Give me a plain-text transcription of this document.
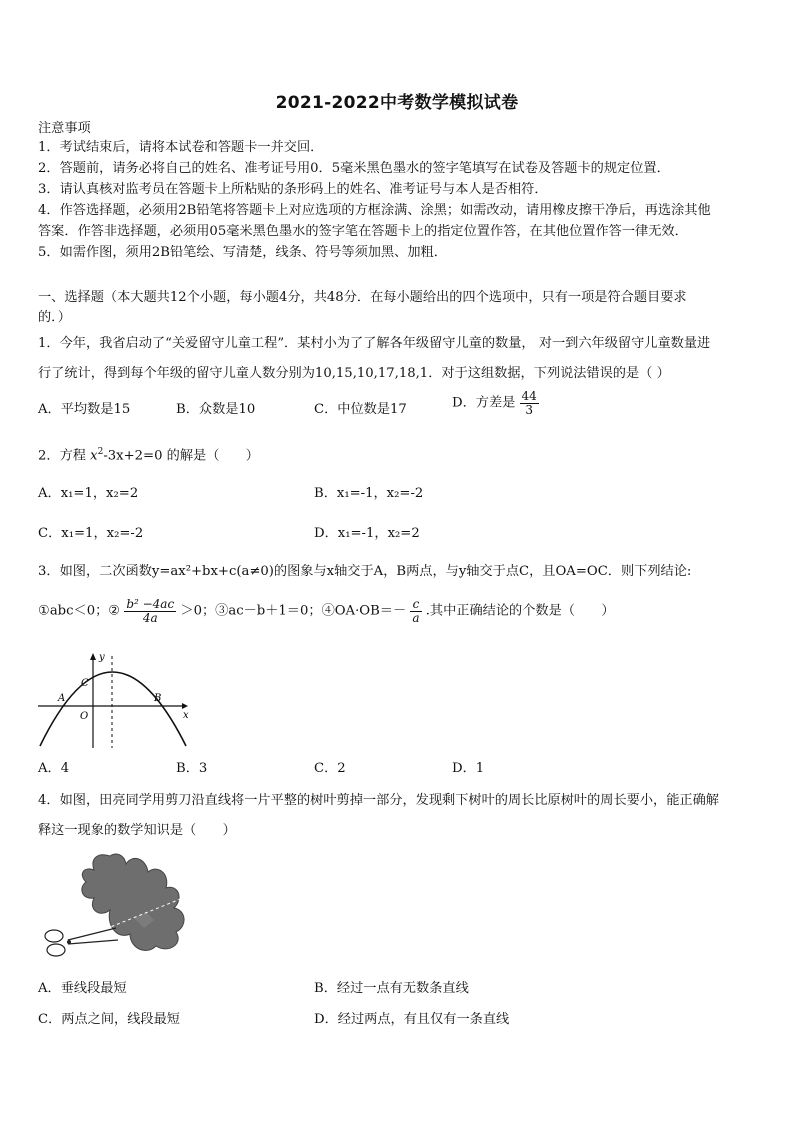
2021-2022中考数学模拟试卷
注意事项
1．考试结束后，请将本试卷和答题卡一并交回．
2．答题前，请务必将自己的姓名、准考证号用0．5毫米黑色墨水的签字笔填写在试卷及答题卡的规定位置．
3．请认真核对监考员在答题卡上所粘贴的条形码上的姓名、准考证号与本人是否相符．
4．作答选择题，必须用2B铅笔将答题卡上对应选项的方框涂满、涂黑；如需改动，请用橡皮擦干净后，再选涂其他
答案．作答非选择题，必须用05毫米黑色墨水的签字笔在答题卡上的指定位置作答，在其他位置作答一律无效．
5．如需作图，须用2B铅笔绘、写清楚，线条、符号等须加黑、加粗．
一、选择题（本大题共12个小题，每小题4分，共48分．在每小题给出的四个选项中，只有一项是符合题目要求
的．）
1．今年，我省启动了“关爱留守儿童工程”．某村小为了了解各年级留守儿童的数量， 对一到六年级留守儿童数量进
行了统计，得到每个年级的留守儿童人数分别为10,15,10,17,18,1．对于这组数据，下列说法错误的是（ ）
A．平均数是15	B．众数是10	C．中位数是17	D．方差是 $\frac{44}{3}$
2．方程 $x^2-3x+2=0$ 的解是（　　）
A．x₁=1，x₂=2	B．x₁=-1，x₂=-2
C．x₁=1，x₂=-2	D．x₁=-1，x₂=2
3．如图，二次函数y=ax²+bx+c(a≠0)的图象与x轴交于A，B两点，与y轴交于点C，且OA=OC．则下列结论:
①abc＜0；② $\frac{\text{b² −4ac}}{4a} >0$；③ac－b＋1＝0；④OA·OB＝－ $\frac{c}{a}$ .其中正确结论的个数是（　　）
y
x
C
A	B
O
A．4	B．3	C．2	D．1
4．如图，田亮同学用剪刀沿直线将一片平整的树叶剪掉一部分，发现剩下树叶的周长比原树叶的周长要小，能正确解
释这一现象的数学知识是（　　）
A．垂线段最短	B．经过一点有无数条直线
C．两点之间，线段最短	D．经过两点，有且仅有一条直线
